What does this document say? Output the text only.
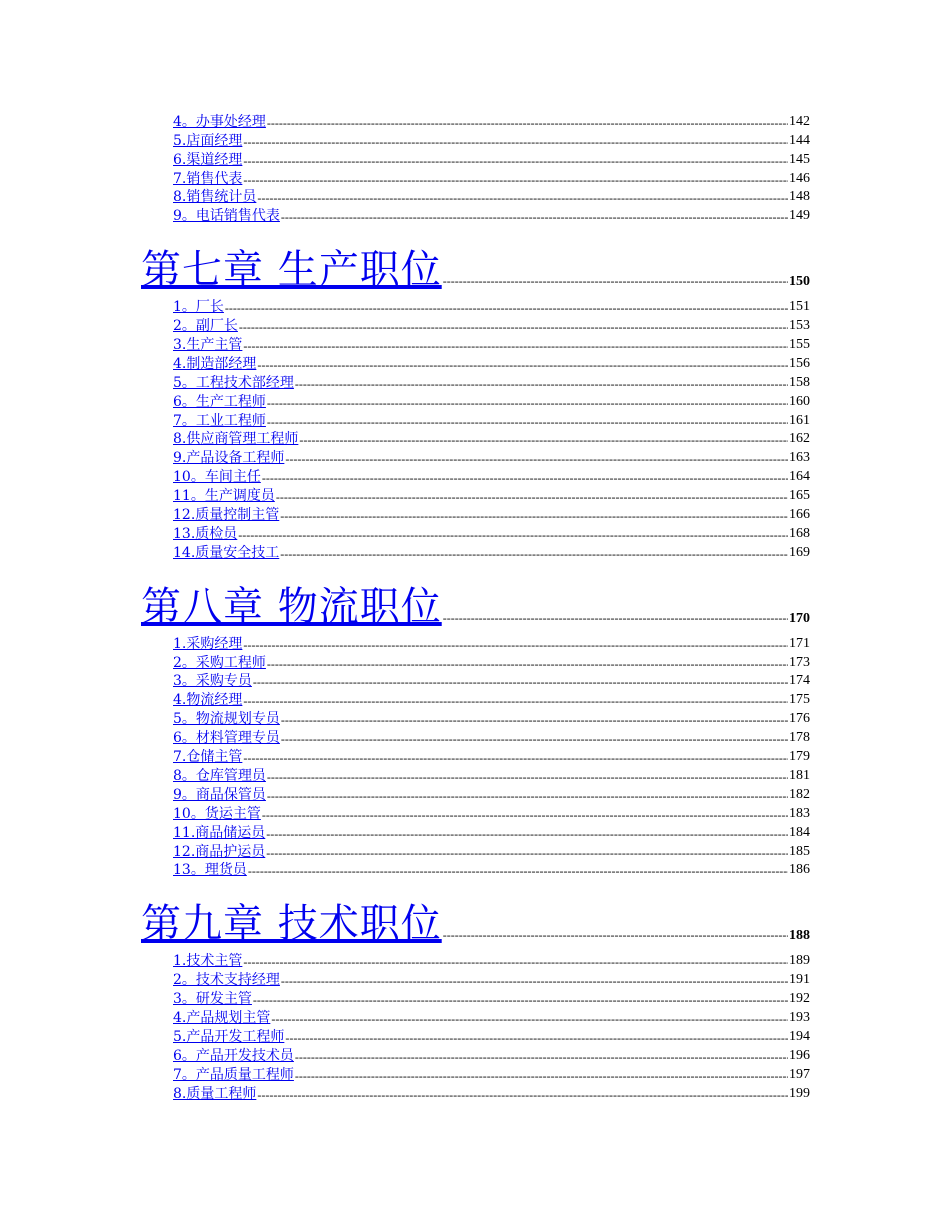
4。办事处经理 -----	142
5.店面经理 -----	144
6.渠道经理 -----	145
7.销售代表 -----	146
8.销售统计员 -----	148
9。电话销售代表 -----	149
第七章 生产职位 -----	150
1。厂长 -----	151
2。副厂长 -----	153
3.生产主管 -----	155
4.制造部经理 -----	156
5。工程技术部经理 -----	158
6。生产工程师 -----	160
7。工业工程师 -----	161
8.供应商管理工程师 -----	162
9.产品设备工程师 -----	163
10。车间主任 -----	164
11。生产调度员 -----	165
12.质量控制主管 -----	166
13.质检员 -----	168
14.质量安全技工 -----	169
第八章 物流职位 -----	170
1.采购经理 -----	171
2。采购工程师 -----	173
3。采购专员 -----	174
4.物流经理 -----	175
5。物流规划专员 -----	176
6。材料管理专员 -----	178
7.仓储主管 -----	179
8。仓库管理员 -----	181
9。商品保管员 -----	182
10。货运主管 -----	183
11.商品储运员 -----	184
12.商品护运员 -----	185
13。理货员 -----	186
第九章 技术职位 -----	188
1.技术主管 -----	189
2。技术支持经理 -----	191
3。研发主管 -----	192
4.产品规划主管 -----	193
5.产品开发工程师 -----	194
6。产品开发技术员 -----	196
7。产品质量工程师 -----	197
8.质量工程师 -----	199
